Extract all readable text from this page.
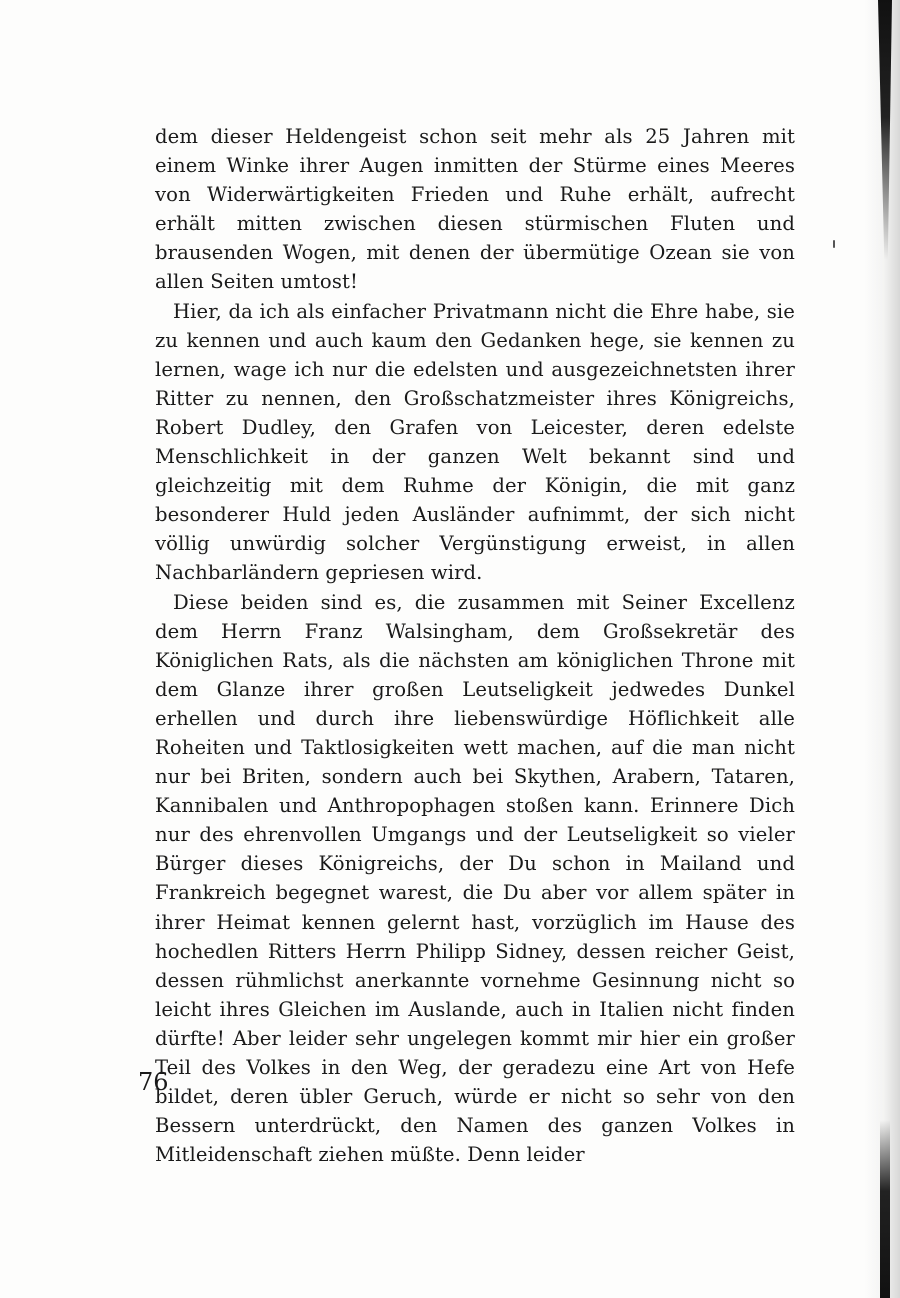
dem dieser Heldengeist schon seit mehr als 25 Jahren mit einem Winke ihrer Augen inmitten der Stürme eines Meeres von Widerwärtigkeiten Frieden und Ruhe erhält, aufrecht erhält mitten zwischen diesen stürmischen Fluten und brausenden Wogen, mit denen der übermütige Ozean sie von allen Seiten umtost!

Hier, da ich als einfacher Privatmann nicht die Ehre habe, sie zu kennen und auch kaum den Gedanken hege, sie kennen zu lernen, wage ich nur die edelsten und ausgezeichnetsten ihrer Ritter zu nennen, den Großschatzmeister ihres Königreichs, Robert Dudley, den Grafen von Leicester, deren edelste Menschlichkeit in der ganzen Welt bekannt sind und gleichzeitig mit dem Ruhme der Königin, die mit ganz besonderer Huld jeden Ausländer aufnimmt, der sich nicht völlig unwürdig solcher Vergünstigung erweist, in allen Nachbarländern gepriesen wird.

Diese beiden sind es, die zusammen mit Seiner Excellenz dem Herrn Franz Walsingham, dem Großsekretär des Königlichen Rats, als die nächsten am königlichen Throne mit dem Glanze ihrer großen Leutseligkeit jedwedes Dunkel erhellen und durch ihre liebenswürdige Höflichkeit alle Roheiten und Taktlosigkeiten wett machen, auf die man nicht nur bei Briten, sondern auch bei Skythen, Arabern, Tataren, Kannibalen und Anthropophagen stoßen kann. Erinnere Dich nur des ehrenvollen Umgangs und der Leutseligkeit so vieler Bürger dieses Königreichs, der Du schon in Mailand und Frankreich begegnet warest, die Du aber vor allem später in ihrer Heimat kennen gelernt hast, vorzüglich im Hause des hochedlen Ritters Herrn Philipp Sidney, dessen reicher Geist, dessen rühmlichst anerkannte vornehme Gesinnung nicht so leicht ihres Gleichen im Auslande, auch in Italien nicht finden dürfte! Aber leider sehr ungelegen kommt mir hier ein großer Teil des Volkes in den Weg, der geradezu eine Art von Hefe bildet, deren übler Geruch, würde er nicht so sehr von den Bessern unterdrückt, den Namen des ganzen Volkes in Mitleidenschaft ziehen müßte. Denn leider

76
